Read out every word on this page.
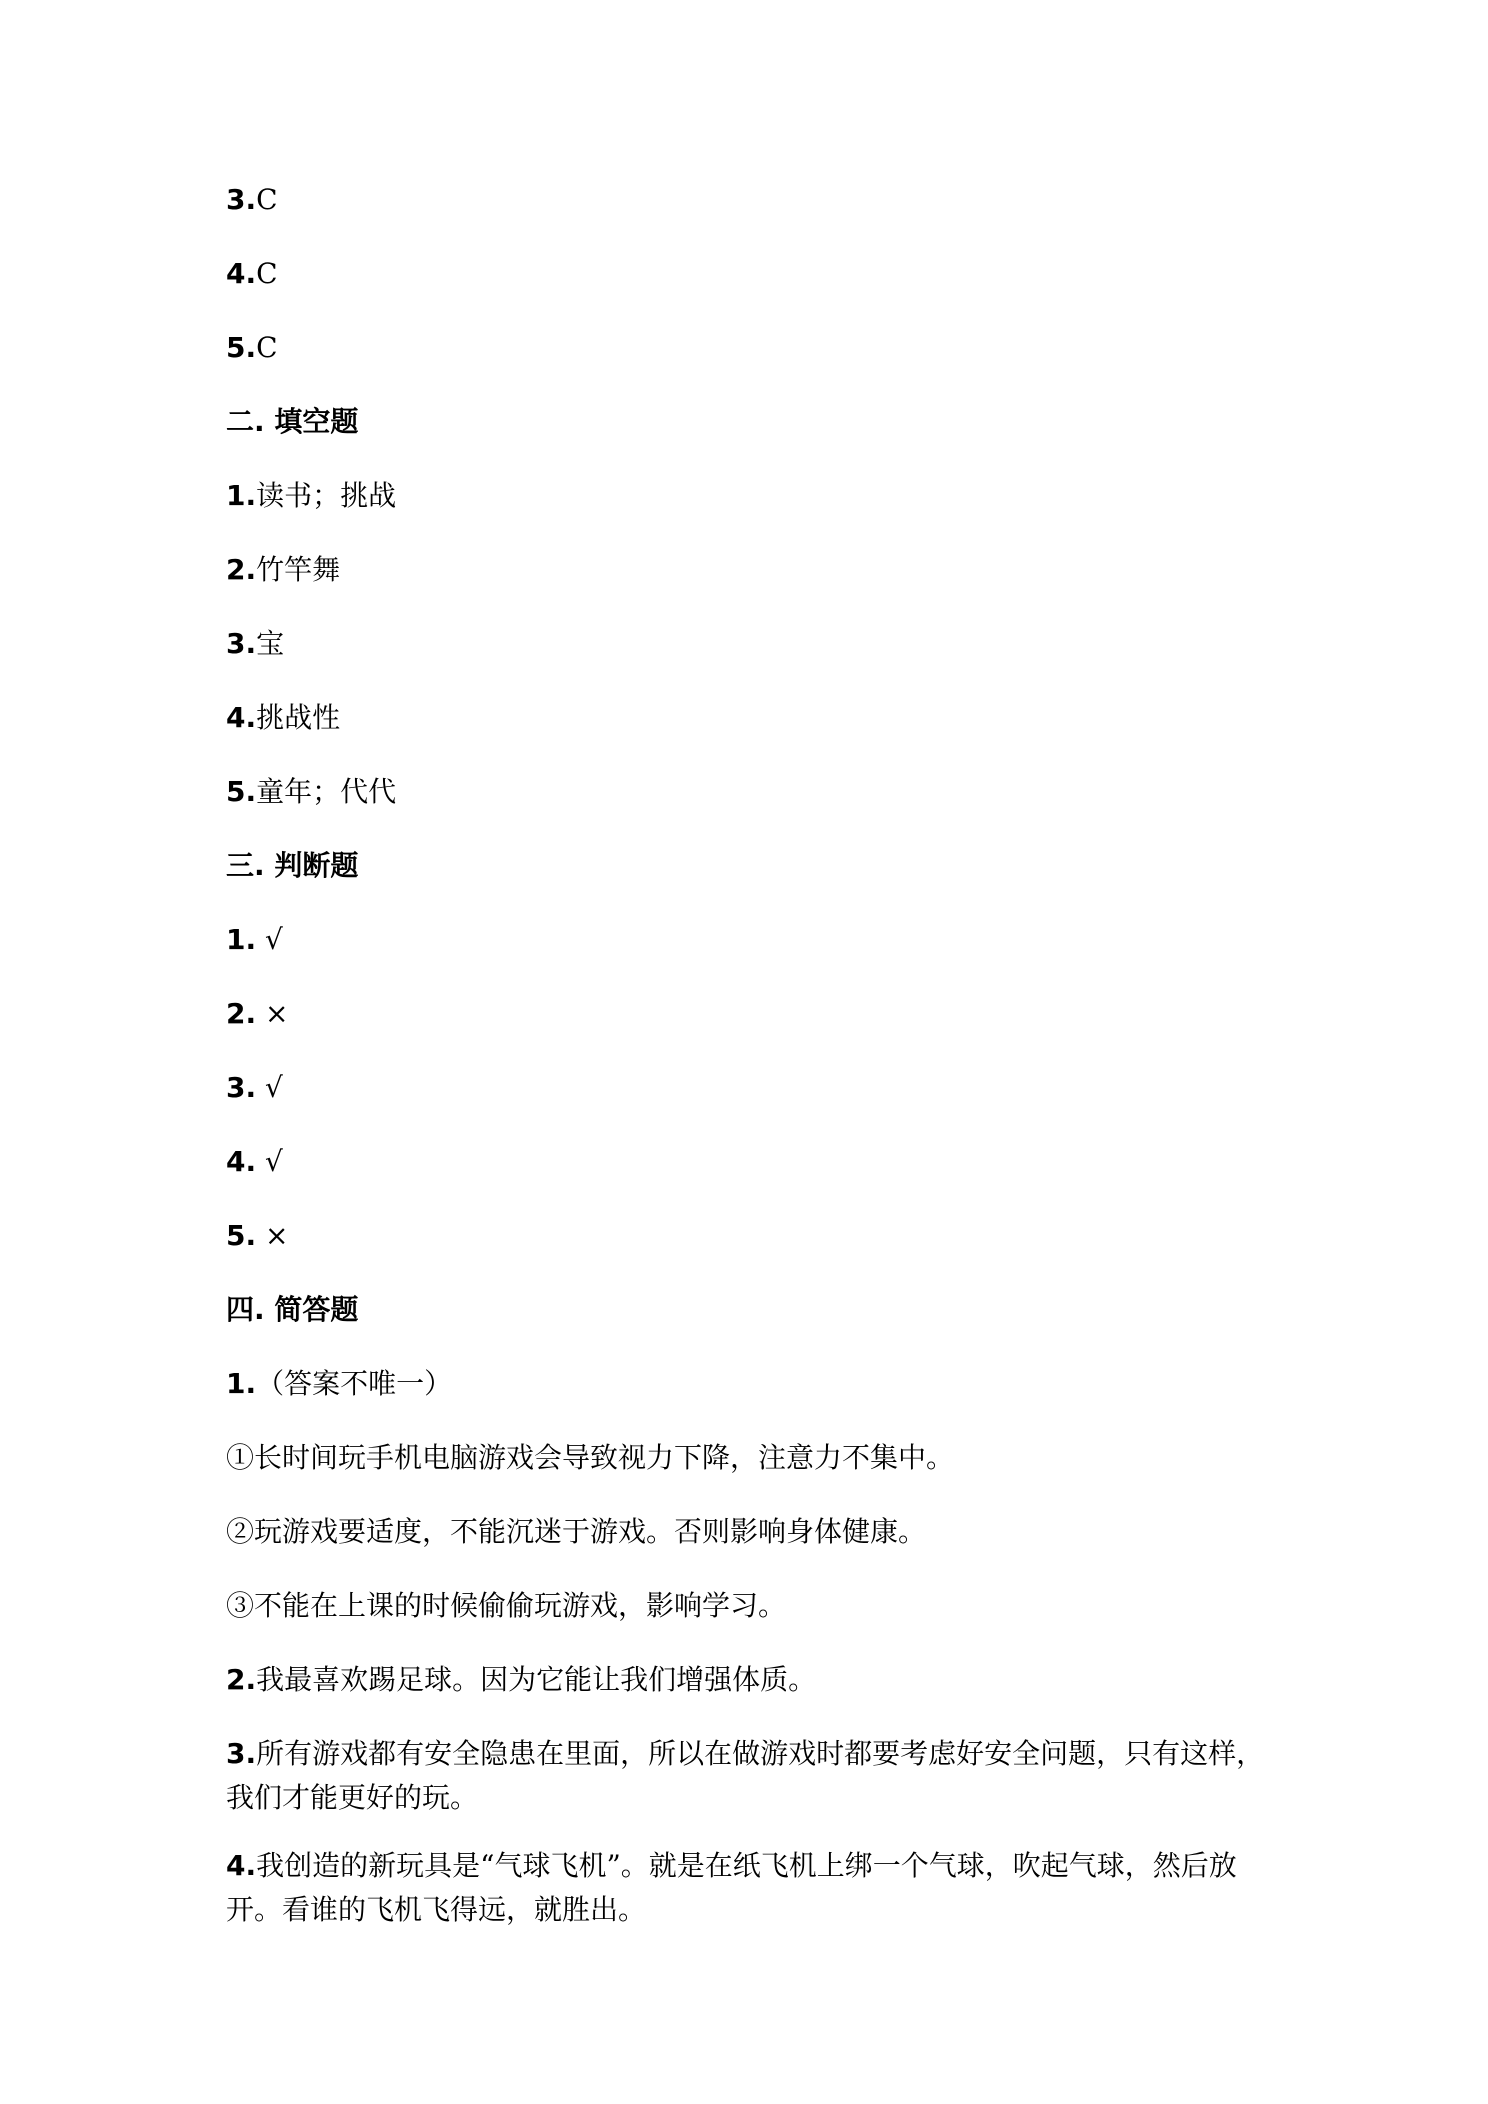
3.C
4.C
5.C
二. 填空题
1.读书；挑战
2.竹竿舞
3.宝
4.挑战性
5.童年；代代
三. 判断题
1. √
2. ×
3. √
4. √
5. ×
四. 简答题
1.（答案不唯一）
①长时间玩手机电脑游戏会导致视力下降，注意力不集中。
②玩游戏要适度，不能沉迷于游戏。否则影响身体健康。
③不能在上课的时候偷偷玩游戏，影响学习。
2.我最喜欢踢足球。因为它能让我们增强体质。
3.所有游戏都有安全隐患在里面，所以在做游戏时都要考虑好安全问题，只有这样，我们才能更好的玩。
4.我创造的新玩具是“气球飞机”。就是在纸飞机上绑一个气球，吹起气球，然后放开。看谁的飞机飞得远，就胜出。
